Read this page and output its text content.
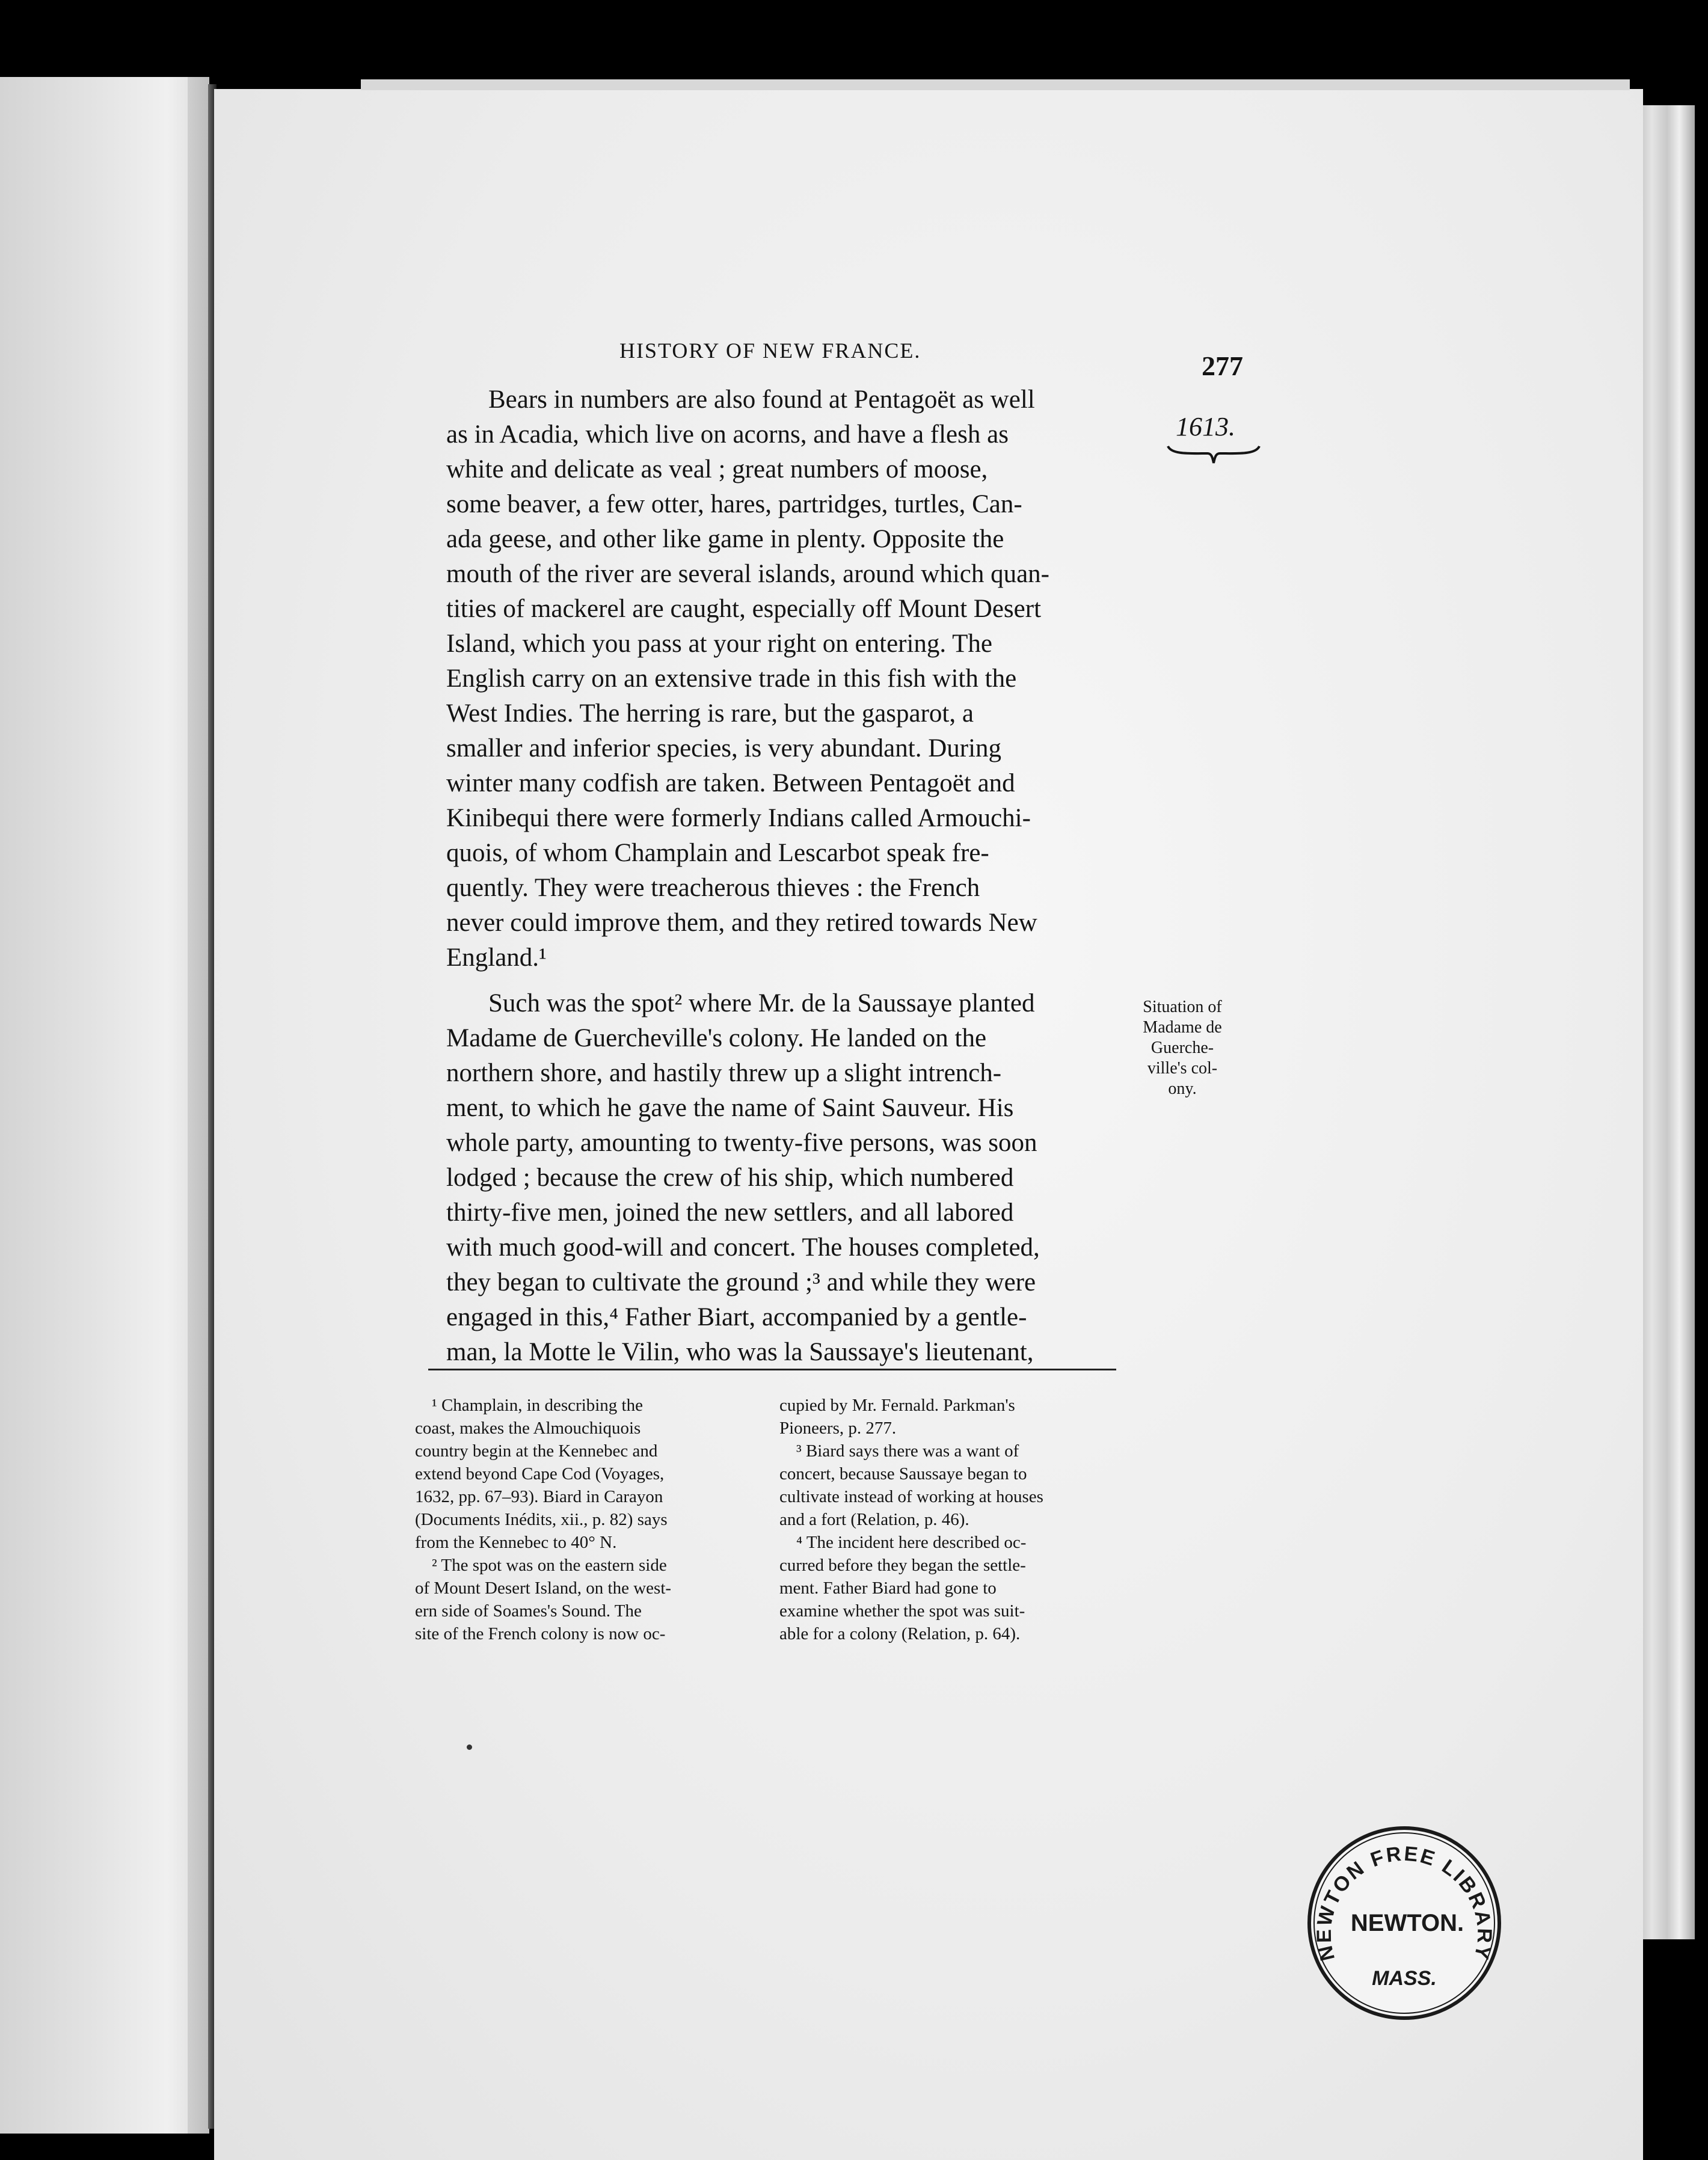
HISTORY OF NEW FRANCE.	277
1613.
Bears in numbers are also found at Pentagoët as well
as in Acadia, which live on acorns, and have a flesh as
white and delicate as veal ; great numbers of moose,
some beaver, a few otter, hares, partridges, turtles, Can-
ada geese, and other like game in plenty. Opposite the
mouth of the river are several islands, around which quan-
tities of mackerel are caught, especially off Mount Desert
Island, which you pass at your right on entering. The
English carry on an extensive trade in this fish with the
West Indies. The herring is rare, but the gasparot, a
smaller and inferior species, is very abundant. During
winter many codfish are taken. Between Pentagoët and
Kinibequi there were formerly Indians called Armouchi-
quois, of whom Champlain and Lescarbot speak fre-
quently. They were treacherous thieves : the French
never could improve them, and they retired towards New
England.¹
Such was the spot² where Mr. de la Saussaye planted
Madame de Guercheville's colony. He landed on the
northern shore, and hastily threw up a slight intrench-
ment, to which he gave the name of Saint Sauveur. His
whole party, amounting to twenty-five persons, was soon
lodged ; because the crew of his ship, which numbered
thirty-five men, joined the new settlers, and all labored
with much good-will and concert. The houses completed,
they began to cultivate the ground ;³ and while they were
engaged in this,⁴ Father Biart, accompanied by a gentle-
man, la Motte le Vilin, who was la Saussaye's lieutenant,
Situation of
Madame de
Guerche-
ville's col-
ony.
¹ Champlain, in describing the
coast, makes the Almouchiquois
country begin at the Kennebec and
extend beyond Cape Cod (Voyages,
1632, pp. 67–93). Biard in Carayon
(Documents Inédits, xii., p. 82) says
from the Kennebec to 40° N.
² The spot was on the eastern side
of Mount Desert Island, on the west-
ern side of Soames's Sound. The
site of the French colony is now oc-
cupied by Mr. Fernald. Parkman's
Pioneers, p. 277.
³ Biard says there was a want of
concert, because Saussaye began to
cultivate instead of working at houses
and a fort (Relation, p. 46).
⁴ The incident here described oc-
curred before they began the settle-
ment. Father Biard had gone to
examine whether the spot was suit-
able for a colony (Relation, p. 64).
NEWTON FREE LIBRARY
NEWTON.
MASS.
